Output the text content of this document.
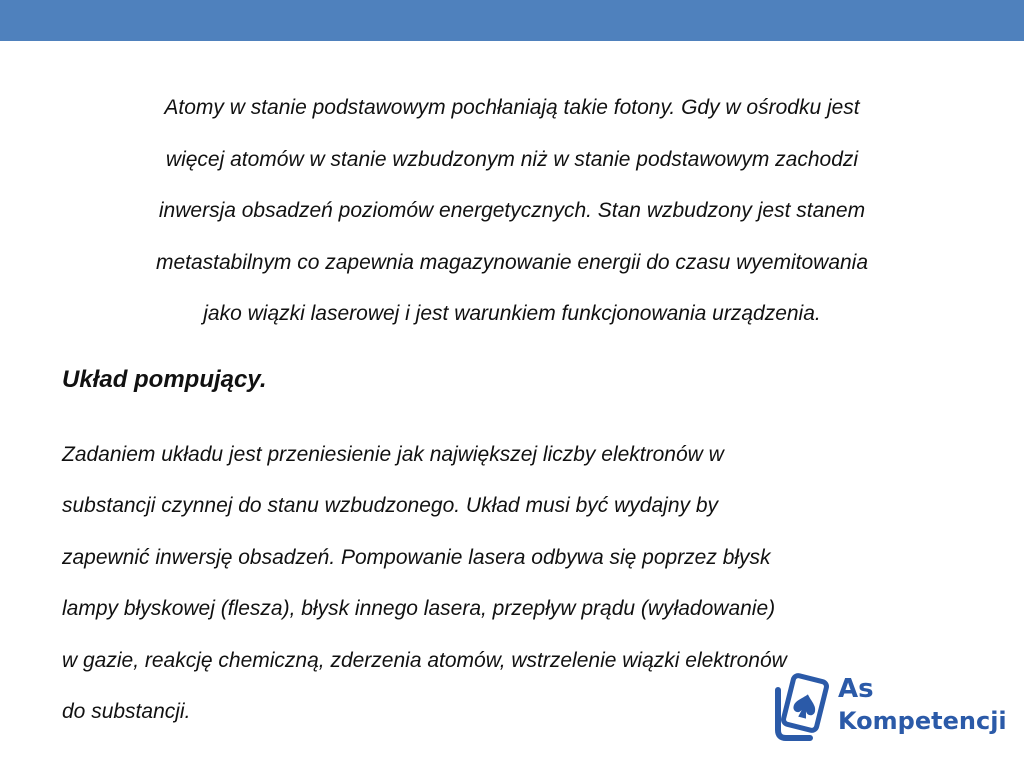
Atomy w stanie podstawowym pochłaniają takie fotony. Gdy w ośrodku jest
więcej atomów w stanie wzbudzonym niż w stanie podstawowym zachodzi
inwersja obsadzeń poziomów energetycznych. Stan wzbudzony jest stanem
metastabilnym co zapewnia magazynowanie energii do czasu wyemitowania
jako wiązki laserowej i jest warunkiem funkcjonowania urządzenia.
Układ pompujący.
Zadaniem układu jest przeniesienie jak największej liczby elektronów w
substancji czynnej do stanu wzbudzonego. Układ musi być wydajny by
zapewnić inwersję obsadzeń. Pompowanie lasera odbywa się poprzez błysk
lampy błyskowej (flesza), błysk innego lasera, przepływ prądu (wyładowanie)
w gazie, reakcję chemiczną, zderzenia atomów, wstrzelenie wiązki elektronów
do substancji.
As
Kompetencji
